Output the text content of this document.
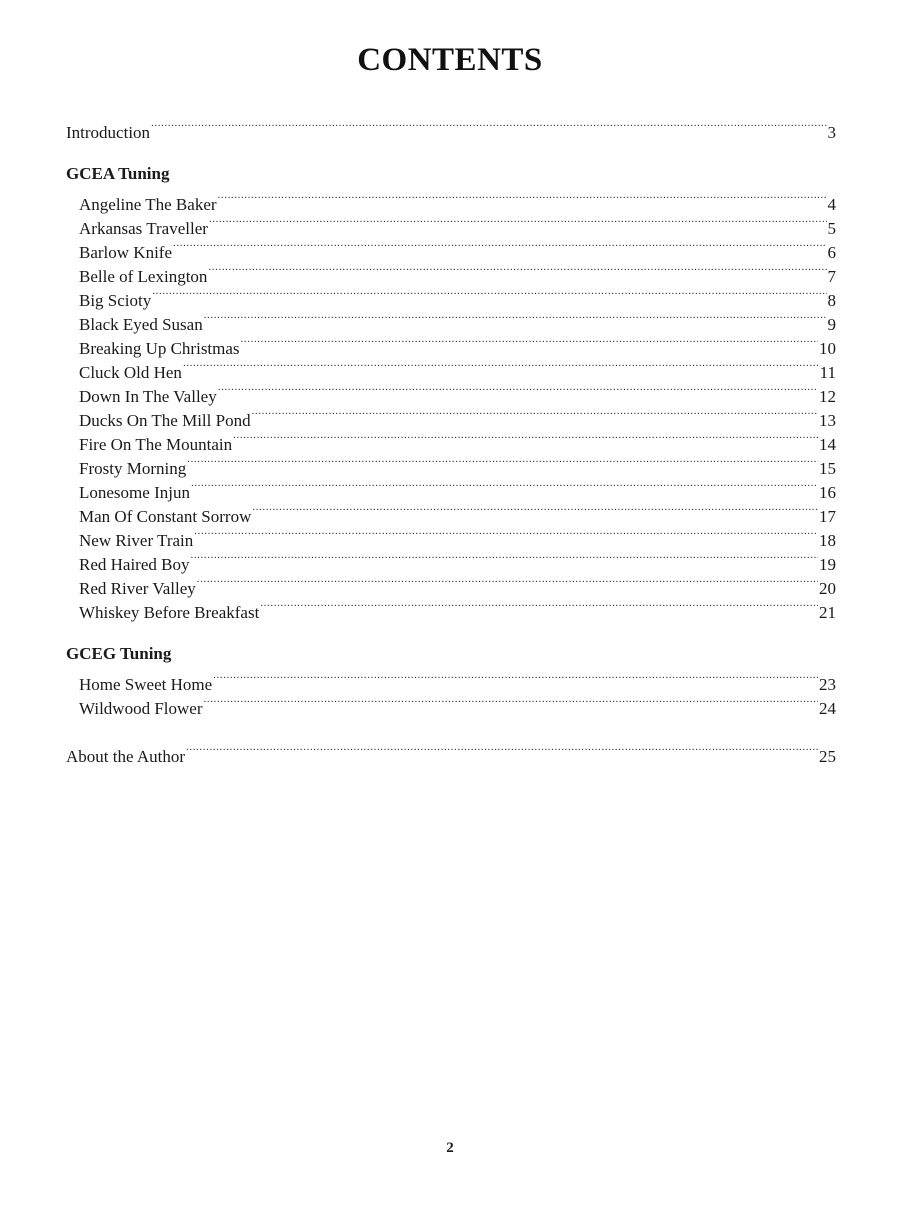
CONTENTS
Introduction .....	3
GCEA Tuning
Angeline The Baker .....	4
Arkansas Traveller .....	5
Barlow Knife .....	6
Belle of Lexington .....	7
Big Scioty .....	8
Black Eyed Susan .....	9
Breaking Up Christmas .....	10
Cluck Old Hen .....	11
Down In The Valley .....	12
Ducks On The Mill Pond .....	13
Fire On The Mountain .....	14
Frosty Morning .....	15
Lonesome Injun .....	16
Man Of Constant Sorrow .....	17
New River Train .....	18
Red Haired Boy .....	19
Red River Valley .....	20
Whiskey Before Breakfast .....	21
GCEG Tuning
Home Sweet Home .....	23
Wildwood Flower .....	24
About the Author .....	25
2
